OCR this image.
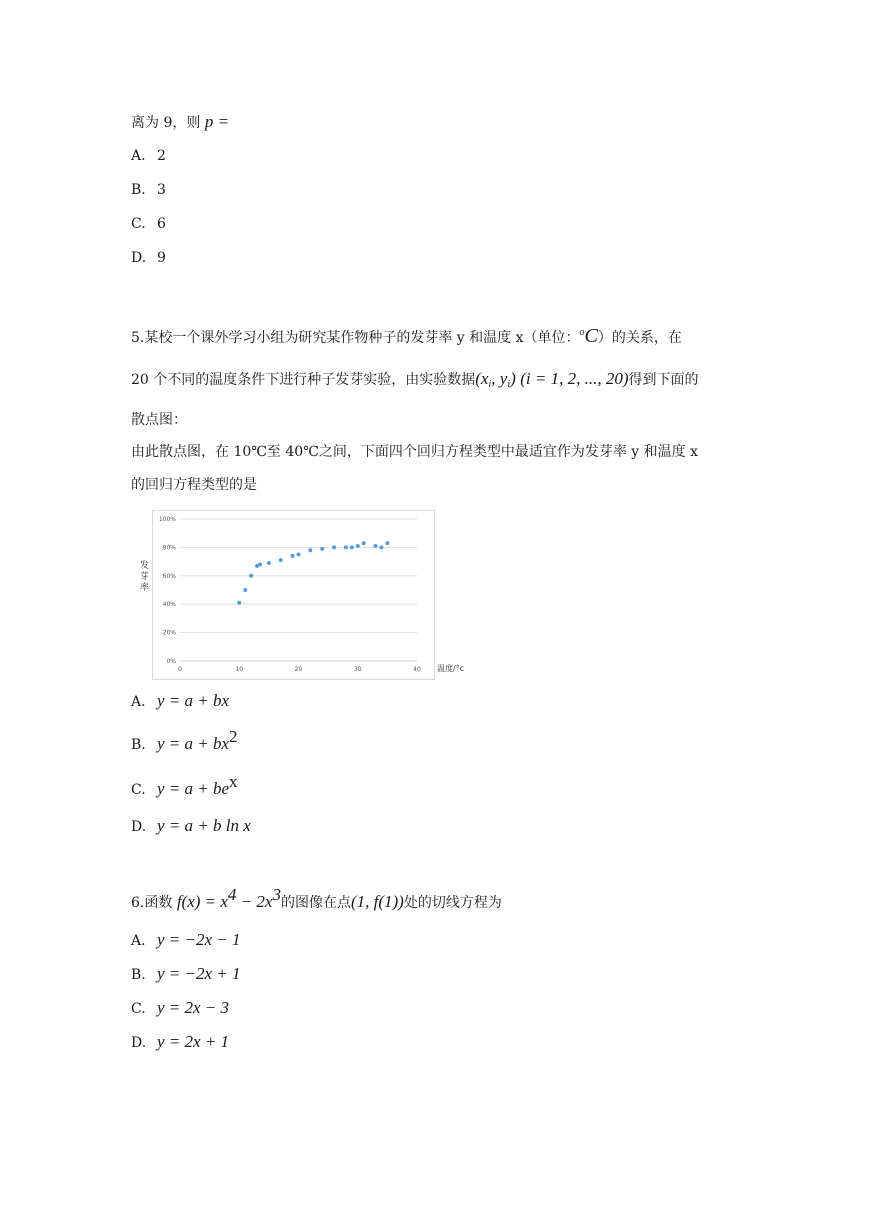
离为 9，则 p =
A. 2
B. 3
C. 6
D. 9
5.某校一个课外学习小组为研究某作物种子的发芽率 y 和温度 x（单位：$^o$C）的关系，在
20 个不同的温度条件下进行种子发芽实验，由实验数据($x_i$, $y_i$) (i = 1, 2, ..., 20)得到下面的
散点图：
由此散点图，在 10℃至 40℃之间，下面四个回归方程类型中最适宜作为发芽率 y 和温度 x
的回归方程类型的是
0%
20%
40%
60%
80%
100%
0	10	20	30	40
发芽率
温度/°c
A. y = a + bx
B. $y = a + bx^2$
C. $y = a + be^x$
D. y = a + b ln x
6.函数 $f(x) = x^4 - 2x^3$的图像在点(1, f(1))处的切线方程为
A. y = −2x − 1
B. y = −2x + 1
C. y = 2x − 3
D. y = 2x + 1
